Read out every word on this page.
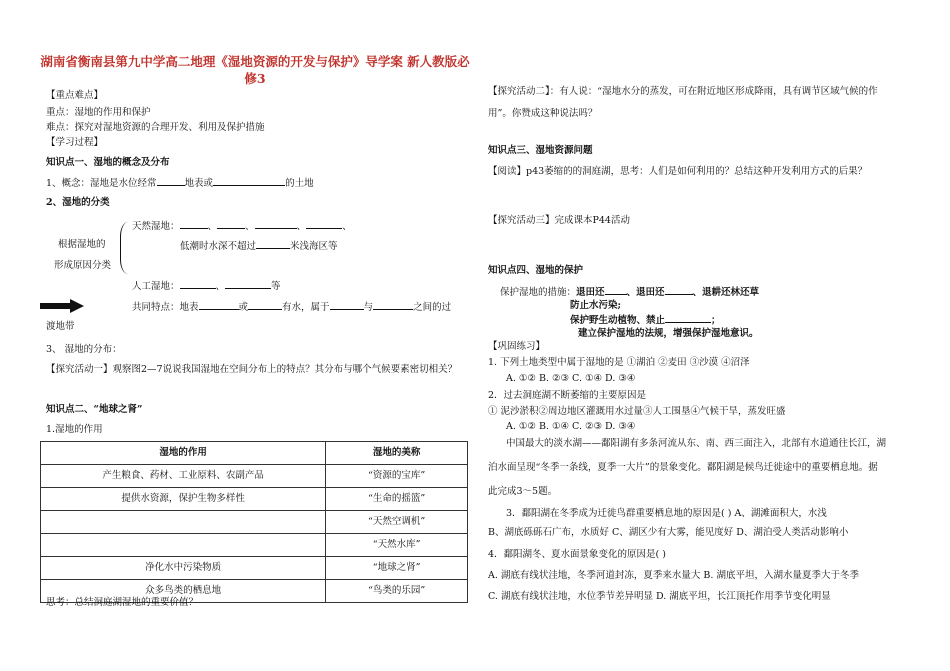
湖南省衡南县第九中学高二地理《湿地资源的开发与保护》导学案 新人教版必修3
【重点难点】
重点：湿地的作用和保护
难点：探究对湿地资源的合理开发、利用及保护措施
【学习过程】
知识点一、湿地的概念及分布
1、概念：湿地是水位经常	地表或	的土地
2、湿地的分类
天然湿地：	、	、	、	、
根据湿地的	低潮时水深不超过	米浅海区等
形成原因分类
人工湿地：	、	等
共同特点：地表	或	有水，属于	与	之间的过
渡地带
3、 湿地的分布：
【探究活动一】观察图2—7说说我国湿地在空间分布上的特点？其分布与哪个气候要素密切相关？
知识点二、“地球之肾”
1.湿地的作用
湿地的作用	湿地的美称
产生粮食、药材、工业原料、农副产品	“资源的宝库”
提供水资源，保护生物多样性	“生命的摇篮”
	“天然空调机”
	“天然水库”
净化水中污染物质	“地球之肾”
众多鸟类的栖息地	“鸟类的乐园”
思考：总结洞庭湖湿地的重要价值？
【探究活动二】：有人说：“湿地水分的蒸发，可在附近地区形成降雨，具有调节区域气候的作
用”。你赞成这种说法吗？
知识点三、湿地资源问题
【阅读】p43萎缩的的洞庭湖，思考：人们是如何利用的？总结这种开发利用方式的后果？
【探究活动三】完成课本P44活动
知识点四、湿地的保护
保护湿地的措施：退田还 、退田还	、退耕还林还草
防止水污染;
保护野生动植物、禁止	；
建立保护湿地的法规，增强保护湿地意识。
【巩固练习】
1. 下列土地类型中属于湿地的是 ①湖泊 ②麦田 ③沙漠 ④沼泽
A. ①② B. ②③ C. ①④ D. ③④
2．过去洞庭湖不断萎缩的主要原因是
① 泥沙淤积②周边地区灌溉用水过量③人工围垦④气候干旱，蒸发旺盛
A. ①② B. ①④ C. ②③ D. ③④
中国最大的淡水湖——鄱阳湖有多条河流从东、南、西三面注入，北部有水道通往长江，湖
泊水面呈现“冬季一条线，夏季一大片”的景象变化。鄱阳湖是候鸟迁徙途中的重要栖息地。据
此完成3～5题。
3．鄱阳湖在冬季成为迁徙鸟群重要栖息地的原因是( ) A、湖滩面积大，水浅
B、湖底砾砾石广布，水质好 C、湖区少有大雾，能见度好 D、湖泊受人类活动影响小
4．鄱阳湖冬、夏水面景象变化的原因是( )
A. 湖底有线状洼地，冬季河道封冻，夏季来水量大 B. 湖底平坦，入湖水量夏季大于冬季
C. 湖底有线状洼地，水位季节差异明显 D. 湖底平坦，长江顶托作用季节变化明显
